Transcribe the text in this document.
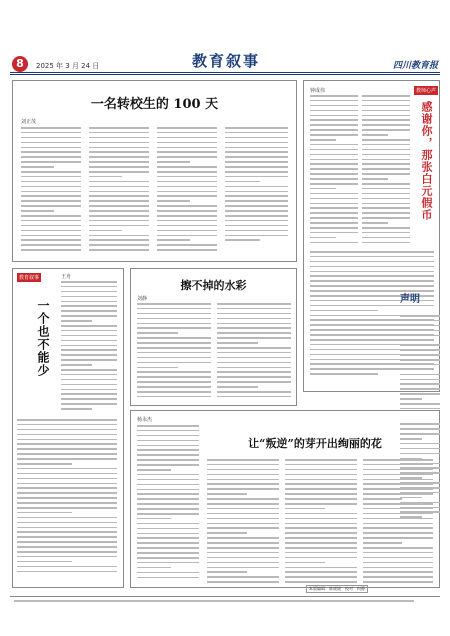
8	2025 年 3 月 24 日	教育叙事	四川教育报
一名转校生的 100 天
刘正茂
教师心声
感谢你，那张白元假币
钟成伟
教育叙事
一个也不能少
王舟
擦不掉的水彩
刘静
杨永杰
让“叛逆”的芽开出绚丽的花
声明
本版编辑：陈媛媛　校对：何静
